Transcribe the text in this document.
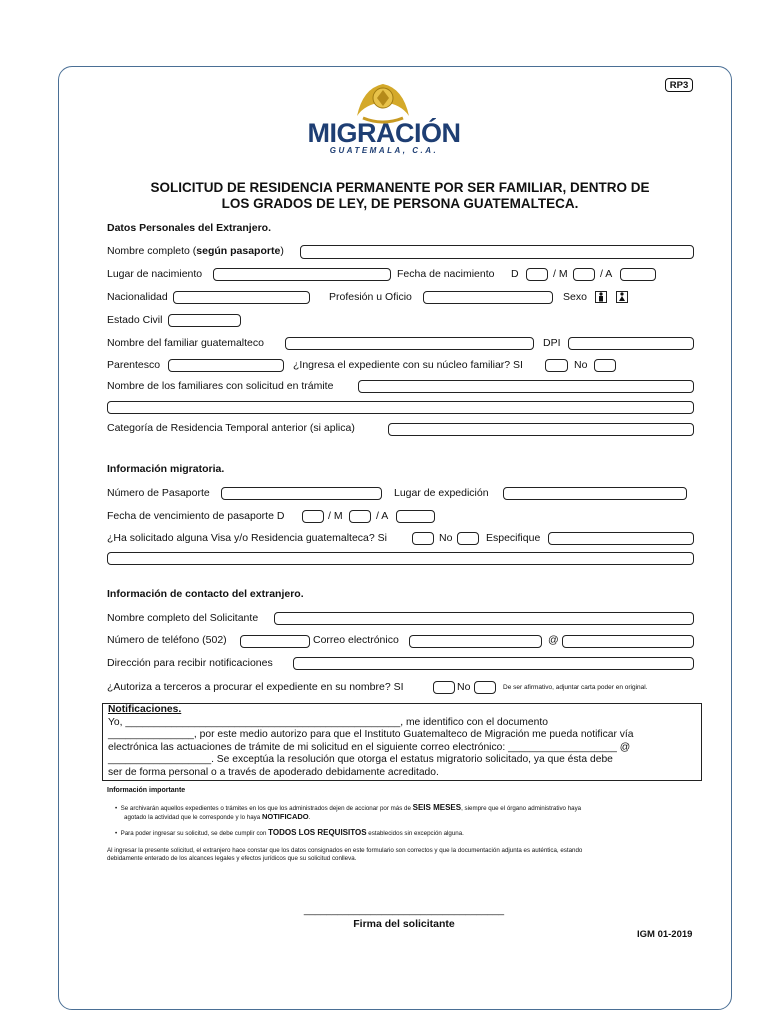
RP3
MIGRACIÓN
GUATEMALA, C.A.
SOLICITUD DE RESIDENCIA PERMANENTE POR SER FAMILIAR, DENTRO DE
LOS GRADOS DE LEY, DE PERSONA GUATEMALTECA.
Datos Personales del Extranjero.
Nombre completo (según pasaporte)
Lugar de nacimiento	Fecha de nacimiento D	/ M	/ A
Nacionalidad	Profesión u Oficio	Sexo
Estado Civil
Nombre del familiar guatemalteco	DPI
Parentesco	¿Ingresa el expediente con su núcleo familiar? SI	No
Nombre de los familiares con solicitud en trámite
Categoría de Residencia Temporal anterior (si aplica)
Información migratoria.
Número de Pasaporte	Lugar de expedición
Fecha de vencimiento de pasaporte D	/ M	/ A
¿Ha solicitado alguna Visa y/o Residencia guatemalteca? Si	No	Especifique
Información de contacto del extranjero.
Nombre completo del Solicitante
Número de teléfono (502)	Correo electrónico	@
Dirección para recibir notificaciones
¿Autoriza a terceros a procurar el expediente en su nombre? SI	No	De ser afirmativo, adjuntar carta poder en original.
Notificaciones.
Yo, ________________________________________________, me identifico con el documento
_______________, por este medio autorizo para que el Instituto Guatemalteco de Migración me pueda notificar vía
electrónica las actuaciones de trámite de mi solicitud en el siguiente correo electrónico: ___________________ @
__________________. Se exceptúa la resolución que otorga el estatus migratorio solicitado, ya que ésta debe
ser de forma personal o a través de apoderado debidamente acreditado.
Información importante
•  Se archivarán aquellos expedientes o trámites en los que los administrados dejen de accionar por más de SEIS MESES, siempre que el órgano administrativo haya
agotado la actividad que le corresponde y lo haya NOTIFICADO.
•  Para poder ingresar su solicitud, se debe cumplir con TODOS LOS REQUISITOS establecidos sin excepción alguna.
Al ingresar la presente solicitud, el extranjero hace constar que los datos consignados en este formulario son correctos y que la documentación adjunta es auténtica, estando
debidamente enterado de los alcances legales y efectos jurídicos que su solicitud conlleva.
____________________________________
Firma del solicitante
IGM 01-2019
